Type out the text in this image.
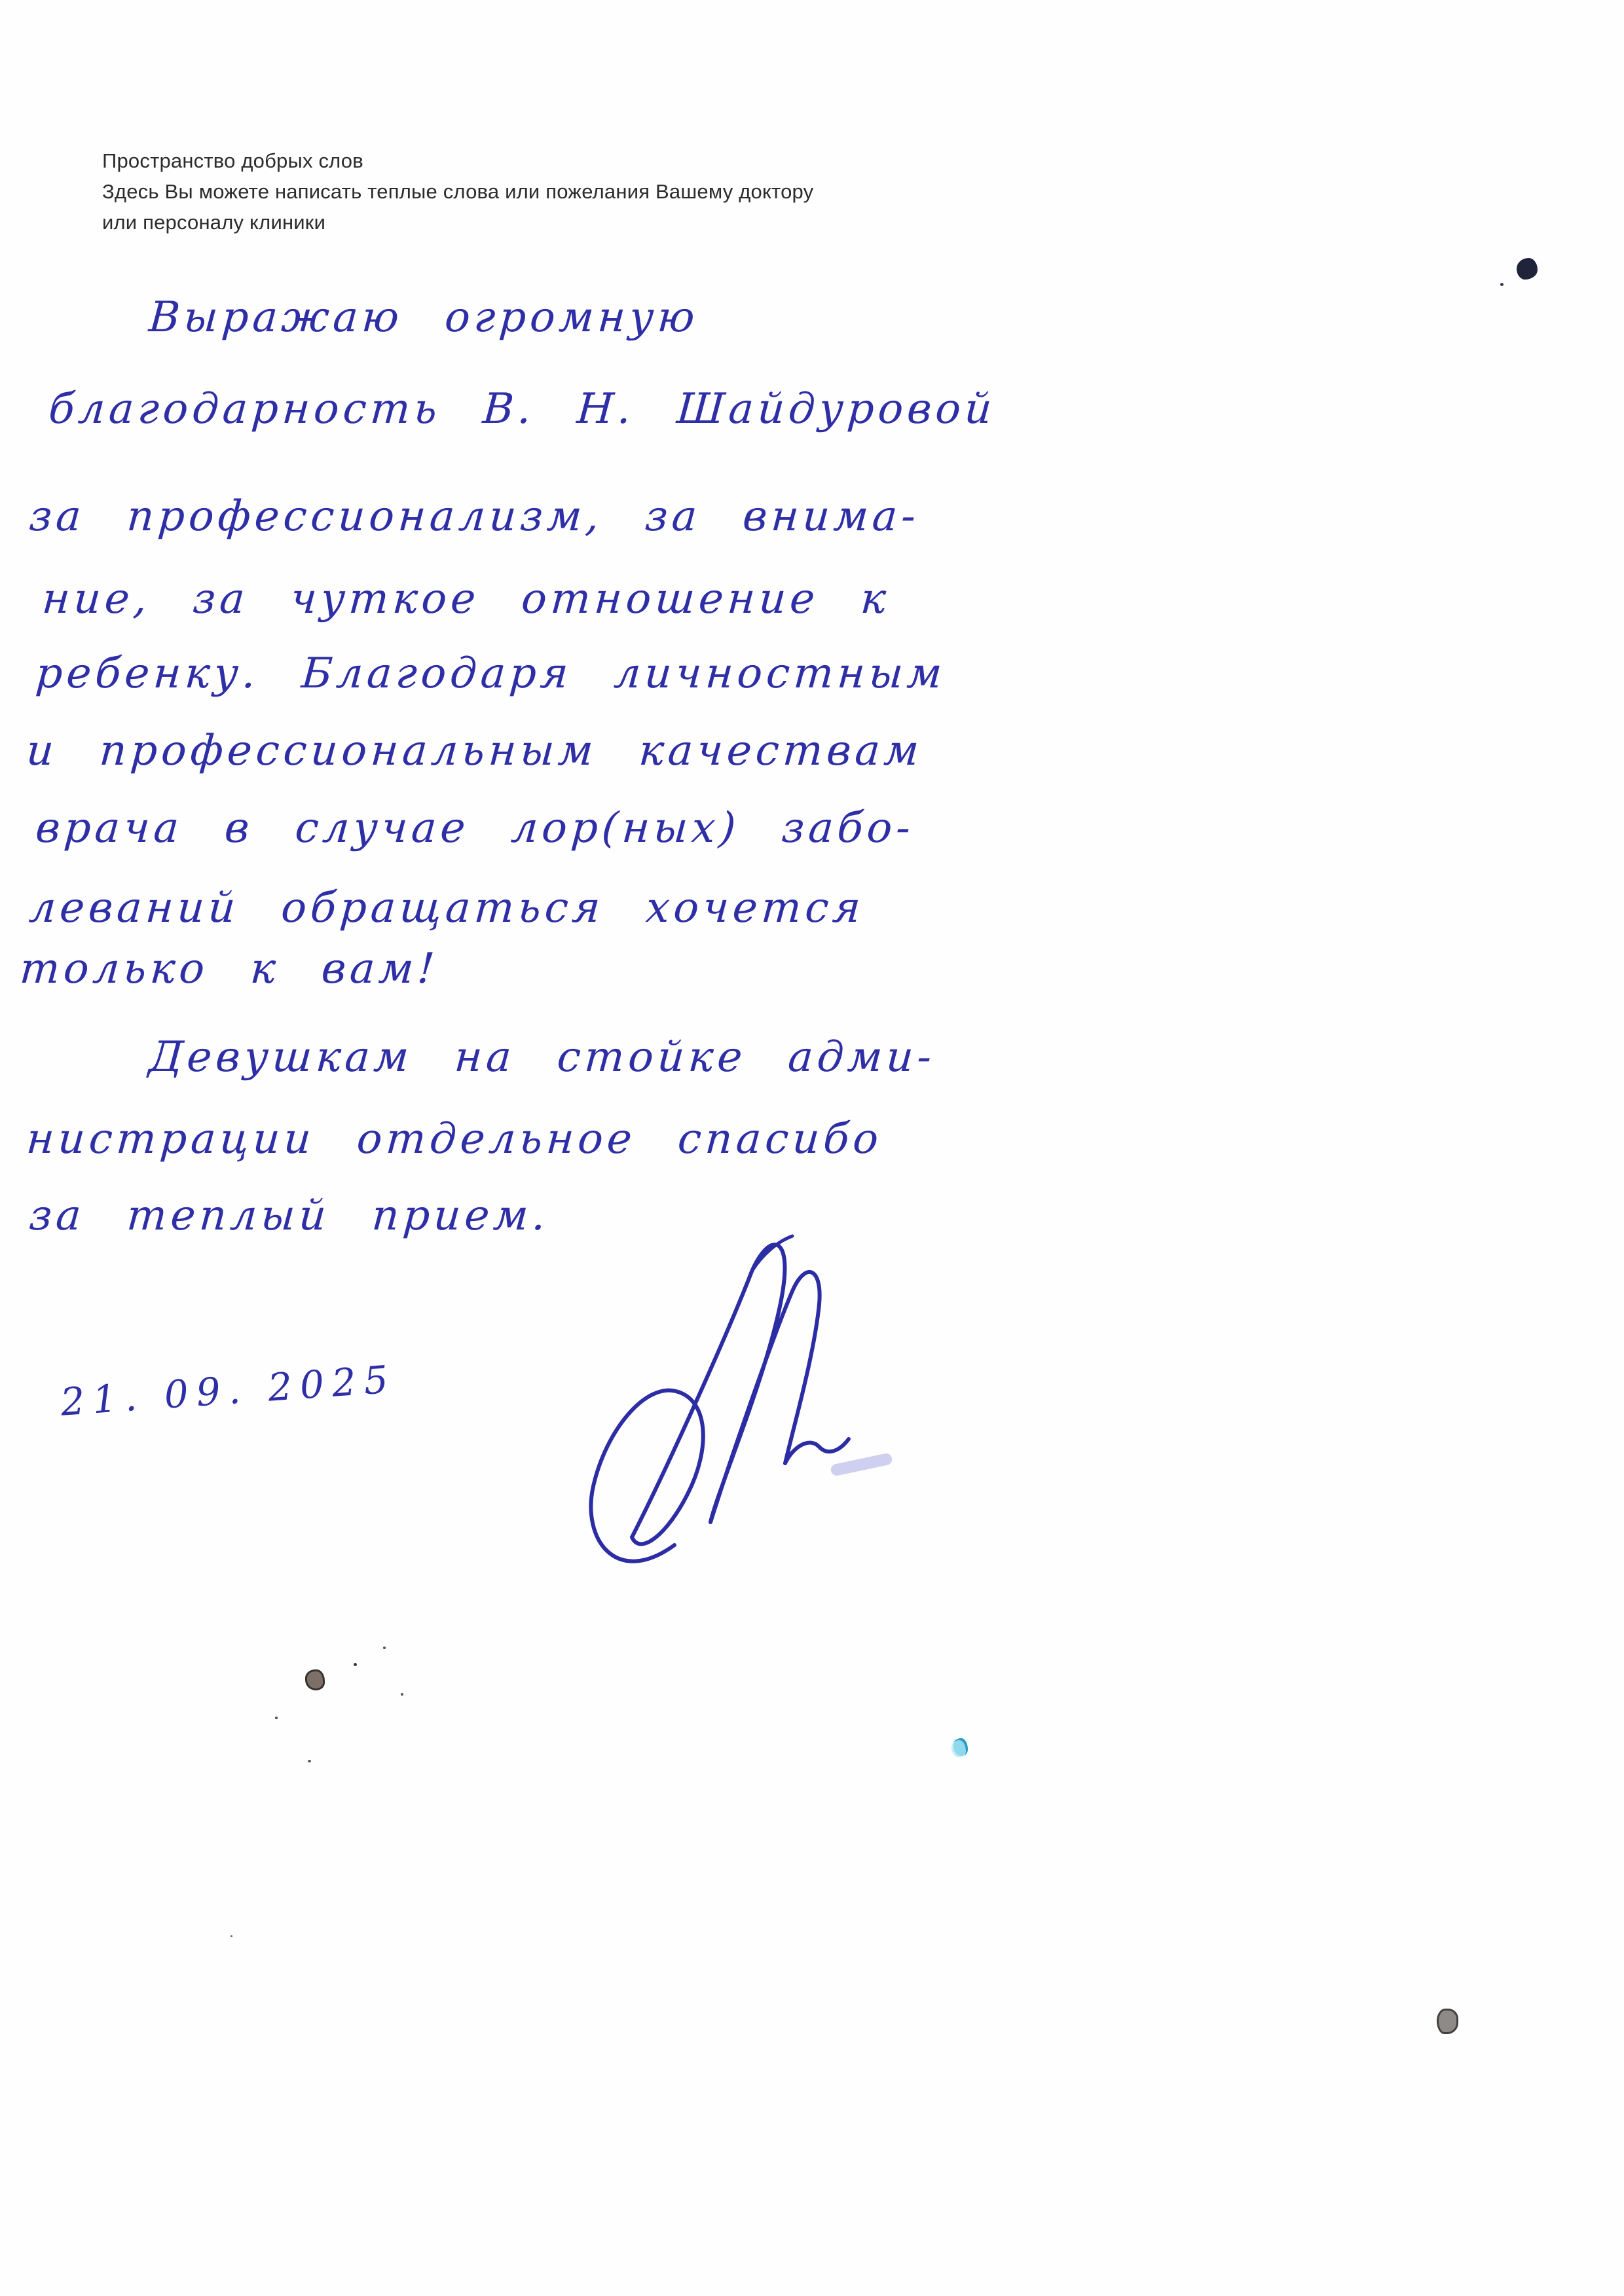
Пространство добрых слов
Здесь Вы можете написать теплые слова или пожелания Вашему доктору
или персоналу клиники
Выражаю огромную
благодарность В. Н. Шайдуровой
за профессионализм, за внима-
ние, за чуткое отношение к
ребенку. Благодаря личностным
и профессиональным качествам
врача в случае лор(ных) забо-
леваний обращаться хочется
только к вам!
Девушкам на стойке адми-
нистрации отдельное спасибо
за теплый прием.
21. 09. 2025
